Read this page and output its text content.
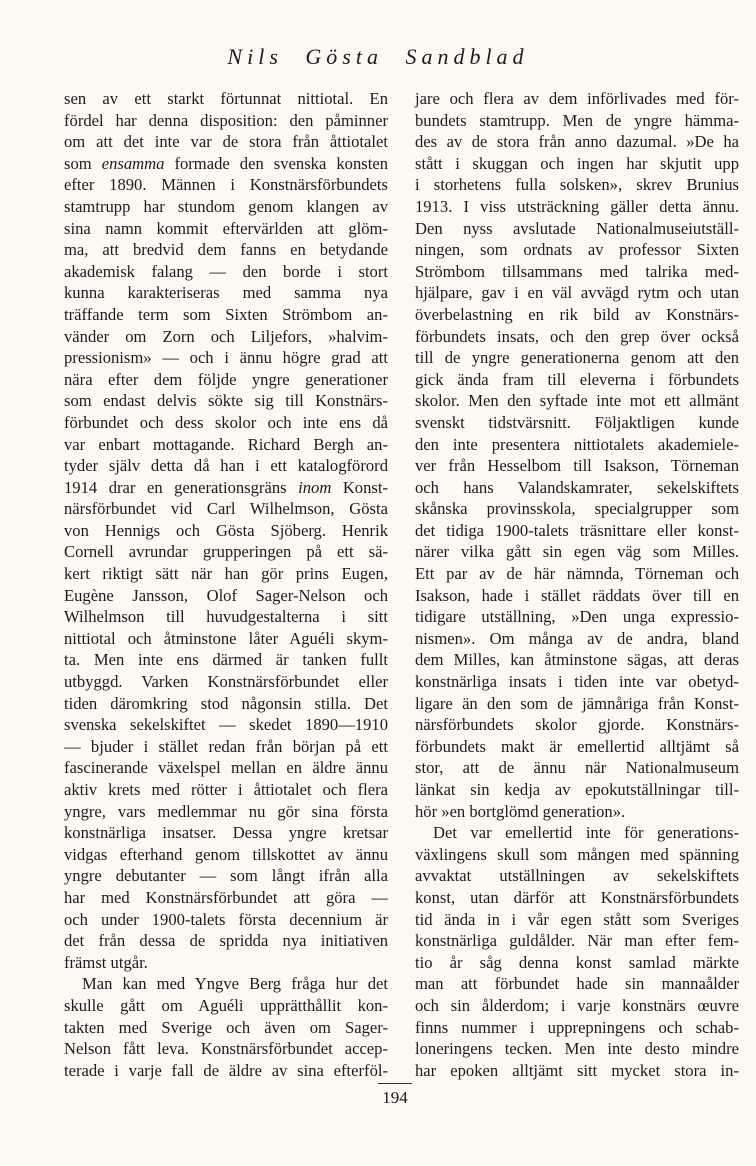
Nils Gösta Sandblad
sen av ett starkt förtunnat nittiotal. En
fördel har denna disposition: den påminner
om att det inte var de stora från åttiotalet
som ensamma formade den svenska konsten
efter 1890. Männen i Konstnärsförbundets
stamtrupp har stundom genom klangen av
sina namn kommit eftervärlden att glöm-
ma, att bredvid dem fanns en betydande
akademisk falang — den borde i stort
kunna karakteriseras med samma nya
träffande term som Sixten Strömbom an-
vänder om Zorn och Liljefors, »halvim-
pressionism» — och i ännu högre grad att
nära efter dem följde yngre generationer
som endast delvis sökte sig till Konstnärs-
förbundet och dess skolor och inte ens då
var enbart mottagande. Richard Bergh an-
tyder själv detta då han i ett katalogförord
1914 drar en generationsgräns inom Konst-
närsförbundet vid Carl Wilhelmson, Gösta
von Hennigs och Gösta Sjöberg. Henrik
Cornell avrundar grupperingen på ett sä-
kert riktigt sätt när han gör prins Eugen,
Eugène Jansson, Olof Sager-Nelson och
Wilhelmson till huvudgestalterna i sitt
nittiotal och åtminstone låter Aguéli skym-
ta. Men inte ens därmed är tanken fullt
utbyggd. Varken Konstnärsförbundet eller
tiden däromkring stod någonsin stilla. Det
svenska sekelskiftet — skedet 1890—1910
— bjuder i stället redan från början på ett
fascinerande växelspel mellan en äldre ännu
aktiv krets med rötter i åttiotalet och flera
yngre, vars medlemmar nu gör sina första
konstnärliga insatser. Dessa yngre kretsar
vidgas efterhand genom tillskottet av ännu
yngre debutanter — som långt ifrån alla
har med Konstnärsförbundet att göra —
och under 1900-talets första decennium är
det från dessa de spridda nya initiativen
främst utgår.
Man kan med Yngve Berg fråga hur det
skulle gått om Aguéli upprätthållit kon-
takten med Sverige och även om Sager-
Nelson fått leva. Konstnärsförbundet accep-
terade i varje fall de äldre av sina efterföl-
jare och flera av dem införlivades med för-
bundets stamtrupp. Men de yngre hämma-
des av de stora från anno dazumal. »De ha
stått i skuggan och ingen har skjutit upp
i storhetens fulla solsken», skrev Brunius
1913. I viss utsträckning gäller detta ännu.
Den nyss avslutade Nationalmuseiutställ-
ningen, som ordnats av professor Sixten
Strömbom tillsammans med talrika med-
hjälpare, gav i en väl avvägd rytm och utan
överbelastning en rik bild av Konstnärs-
förbundets insats, och den grep över också
till de yngre generationerna genom att den
gick ända fram till eleverna i förbundets
skolor. Men den syftade inte mot ett allmänt
svenskt tidstvärsnitt. Följaktligen kunde
den inte presentera nittiotalets akademiele-
ver från Hesselbom till Isakson, Törneman
och hans Valandskamrater, sekelskiftets
skånska provinsskola, specialgrupper som
det tidiga 1900-talets träsnittare eller konst-
närer vilka gått sin egen väg som Milles.
Ett par av de här nämnda, Törneman och
Isakson, hade i stället räddats över till en
tidigare utställning, »Den unga expressio-
nismen». Om många av de andra, bland
dem Milles, kan åtminstone sägas, att deras
konstnärliga insats i tiden inte var obetyd-
ligare än den som de jämnåriga från Konst-
närsförbundets skolor gjorde. Konstnärs-
förbundets makt är emellertid alltjämt så
stor, att de ännu när Nationalmuseum
länkat sin kedja av epokutställningar till-
hör »en bortglömd generation».
Det var emellertid inte för generations-
växlingens skull som mången med spänning
avvaktat utställningen av sekelskiftets
konst, utan därför att Konstnärsförbundets
tid ända in i vår egen stått som Sveriges
konstnärliga guldålder. När man efter fem-
tio år såg denna konst samlad märkte
man att förbundet hade sin mannaålder
och sin ålderdom; i varje konstnärs œuvre
finns nummer i upprepningens och schab-
loneringens tecken. Men inte desto mindre
har epoken alltjämt sitt mycket stora in-
194
